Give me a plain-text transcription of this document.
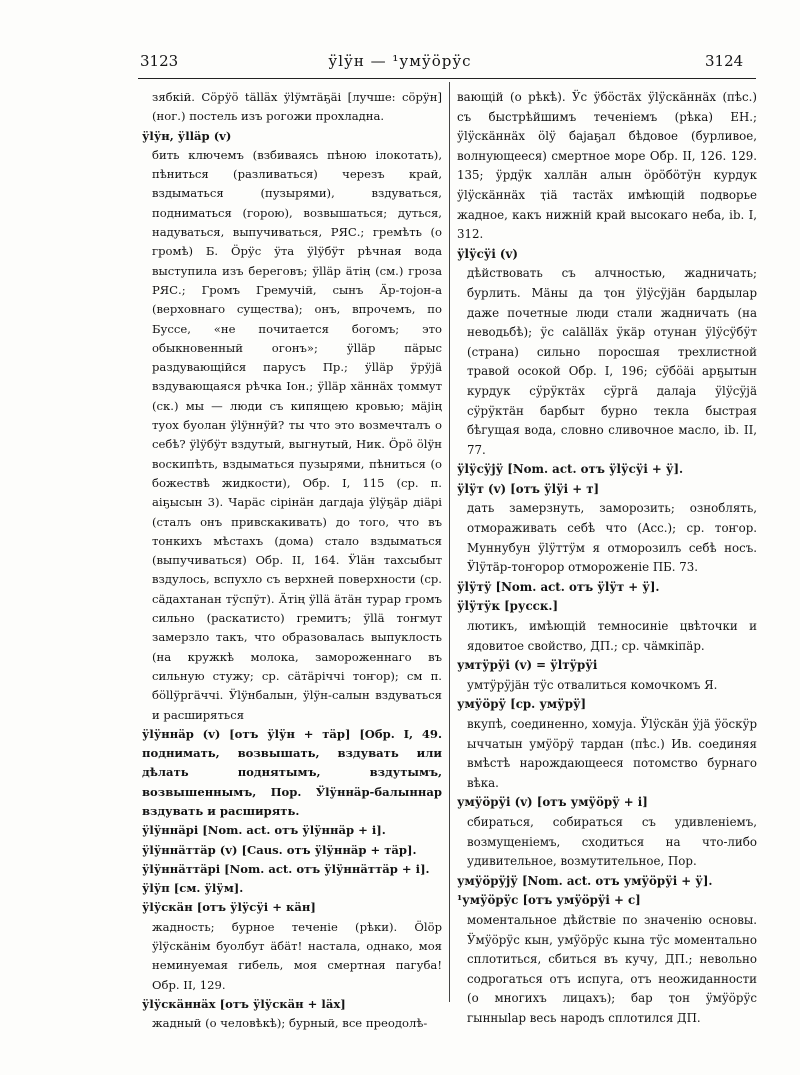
3123	ӱlӱн — ¹умӱӧрӱс	3124

зябкій. Сӧрӱӧ tällӓх ӱlӱмтäҕäi [лучше: сӧрӱн] (ног.) постель изъ рогожи прохладна.

ӱlӱн, ӱlläр (v)

бить ключемъ (взбиваясь пѣною ілокотать), пѣниться (разливаться) черезъ край, вздыматься (пузырями), вздуваться, подниматься (горою), возвышаться; дуться, надуваться, выпучиваться, РЯС.; гремѣть (о громѣ) Б. Ӧрӱс ӱта ӱlӱбӱт рѣчная вода выступила изъ береговъ; ӱlläр äтiң (см.) гроза РЯС.; Громъ Гремучій, сынъ Ӓр-тоjон-а (верховнаго существа); онъ, впрочемъ, по Буссе, «не почитается богомъ; это обыкновенный огонъ»; ӱlläр пäрыс раздувающійся парусъ Пр.; ӱlläр ӱрӱjä вздувающаяся рѣчка Іон.; ӱlläр хäннäх ҭоммут (ск.) мы — люди съ кипящею кровью; мäjiң туох буолан ӱlӱннӱй? ты что это возмечталъ о себѣ? ӱlӱбӱт вздутый, выгнутый, Ник. Ӧрӧ ӧlӱн воскипѣть, вздыматься пузырями, пѣниться (о божествѣ жидкости), Обр. I, 115 (ср. п. аiҕысын 3). Чарäс сiрiнäн дагдаjа ӱlӱҕäр дiäрi (сталъ онъ привскакивать) до того, что въ тонкихъ мѣстахъ (дома) стало вздыматься (выпучиваться) Обр. II, 164. Ӱlӓн тахсыбыт вздулось, вспухло съ верхней поверхности (ср. сäдахтанан тӱспӱт). Ӓтiң ӱllä äтäн турар громъ сильно (раскатисто) гремитъ; ӱllä тоҥмут замерзло такъ, что образовалась выпуклость (на кружкѣ молока, замороженнаго въ сильную стужу; ср. сäтäрiччi тоҥор); см п. бӧllӱргäччi. Ӱlӱнбалын, ӱlӱн-салын вздуваться и расширяться

ӱlӱннäр (v) [отъ ӱlӱн + тäр] [Обр. I, 49. поднимать, возвышать, вздувать или дѣлать поднятымъ, вздутымъ, возвышеннымъ, Пор. Ӱlӱннäр-балыннар вздувать и расширять.

ӱlӱннäрi [Nom. act. отъ ӱlӱннäр + i].

ӱlӱннäттäр (v) [Caus. отъ ӱlӱннäр + тäр].

ӱlӱннäттäрi [Nom. act. отъ ӱlӱннäттäр + i].

ӱlӱп [см. ӱlӱм].

ӱlӱскäн [отъ ӱlӱсӱi + кäн]

жадность; бурное теченіе (рѣки). Ӧlӧр ӱlӱскäнiм буолбут äбäт! настала, однако, моя неминуемая гибель, моя смертная пагуба! Обр. II, 129.

ӱlӱскäннäх [отъ ӱlӱскäн + läх]

жадный (о человѣкѣ); бурный, все преодолѣ-

вающій (о рѣкѣ). Ӱс ӱбӧстäх ӱlӱскäннäх (пѣс.) съ быстрѣйшимъ теченіемъ (рѣка) ЕН.; ӱlӱскäннäх ӧlӱ баjаҕал бѣдовое (бурливое, волнующееся) смертное море Обр. II, 126. 129. 135; ӱрдӱк халлäн алын ӧрӧбӧтӱн курдук ӱlӱскäннäх ҭiä тастäх имѣющій подворье жадное, какъ нижній край высокаго неба, ib. I, 312.

ӱlӱсӱi (v)

дѣйствовать съ алчностью, жадничать; бурлить. Мäны да ҭон ӱlӱсӱjäн бардылар даже почетные люди стали жадничать (на неводьбѣ); ӱс саlälläх ӱкäр отунан ӱlӱсӱбӱт (страна) сильно поросшая трехлистной травой осокой Обр. I, 196; сӱбӧäi арҕытын курдук сӱрӱктäх сӱргä далаjа ӱlӱсӱjä сӱрӱктäн барбыт бурно текла быстрая бѣгущая вода, словно сливочное масло, ib. II, 77.

ӱlӱсӱjӱ [Nom. act. отъ ӱlӱсӱi + ӱ].

ӱlӱт (v) [отъ ӱlӱi + т]

дать замерзнуть, заморозить; озноблять, отмораживать себѣ что (Acc.); ср. тоҥор. Муннубун ӱlӱттӱм я отморозилъ себѣ носъ. Ӱlӱтäр-тоҥорор отмороженіе ПБ. 73.

ӱlӱтӱ [Nom. act. отъ ӱlӱт + ӱ].

ӱlӱтӱк [русск.]

лютикъ, имѣющій темносиніе цвѣточки и ядовитое свойство, ДП.; ср. чäмкiпäр.

умтӱрӱi (v) = ӱlтӱрӱi

умтӱрӱjäн тӱс отвалиться комочкомъ Я.

умӱӧрӱ [ср. умӱрӱ]

вкупѣ, соединенно, хомуjа. Ӱlӱскäн ӱjä ӱӧскӱр ыччатын умӱӧрӱ тардан (пѣс.) Ив. соединяя вмѣстѣ нарождающееся потомство бурнаго вѣка.

умӱӧрӱi (v) [отъ умӱӧрӱ + i]

сбираться, собираться съ удивленіемъ, возмущеніемъ, сходиться на что-либо удивительное, возмутительное, Пор.

умӱӧрӱjӱ [Nom. act. отъ умӱӧрӱi + ӱ].

¹умӱӧрӱс [отъ умӱӧрӱi + с]

моментальное дѣйствіе по значенію основы. Ӱмӱӧрӱс кын, умӱӧрӱс кына тӱс моментально сплотиться, сбиться въ кучу, ДП.; невольно содрогаться отъ испуга, отъ неожиданности (о многихъ лицахъ); бар ҭон ӱмӱӧрӱс гынныlар весь народъ сплотился ДП.
